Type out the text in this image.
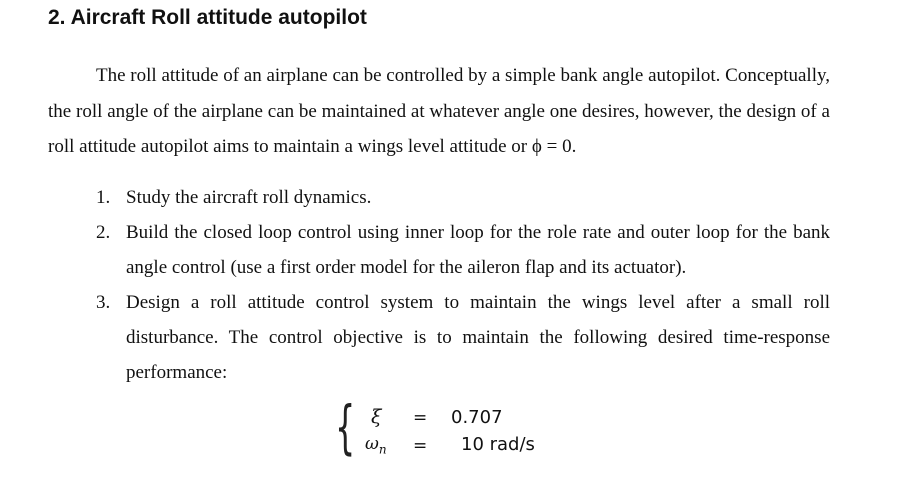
2. Aircraft Roll attitude autopilot

The roll attitude of an airplane can be controlled by a simple bank angle autopilot. Conceptually, the roll angle of the airplane can be maintained at whatever angle one desires, however, the design of a roll attitude autopilot aims to maintain a wings level attitude or ϕ = 0.

1. Study the aircraft roll dynamics.
2. Build the closed loop control using inner loop for the role rate and outer loop for the bank angle control (use a first order model for the aileron flap and its actuator).
3. Design a roll attitude control system to maintain the wings level after a small roll disturbance. The control objective is to maintain the following desired time-response performance:
{ ξ = 0.707
$\omega_n = 10$ rad/s
